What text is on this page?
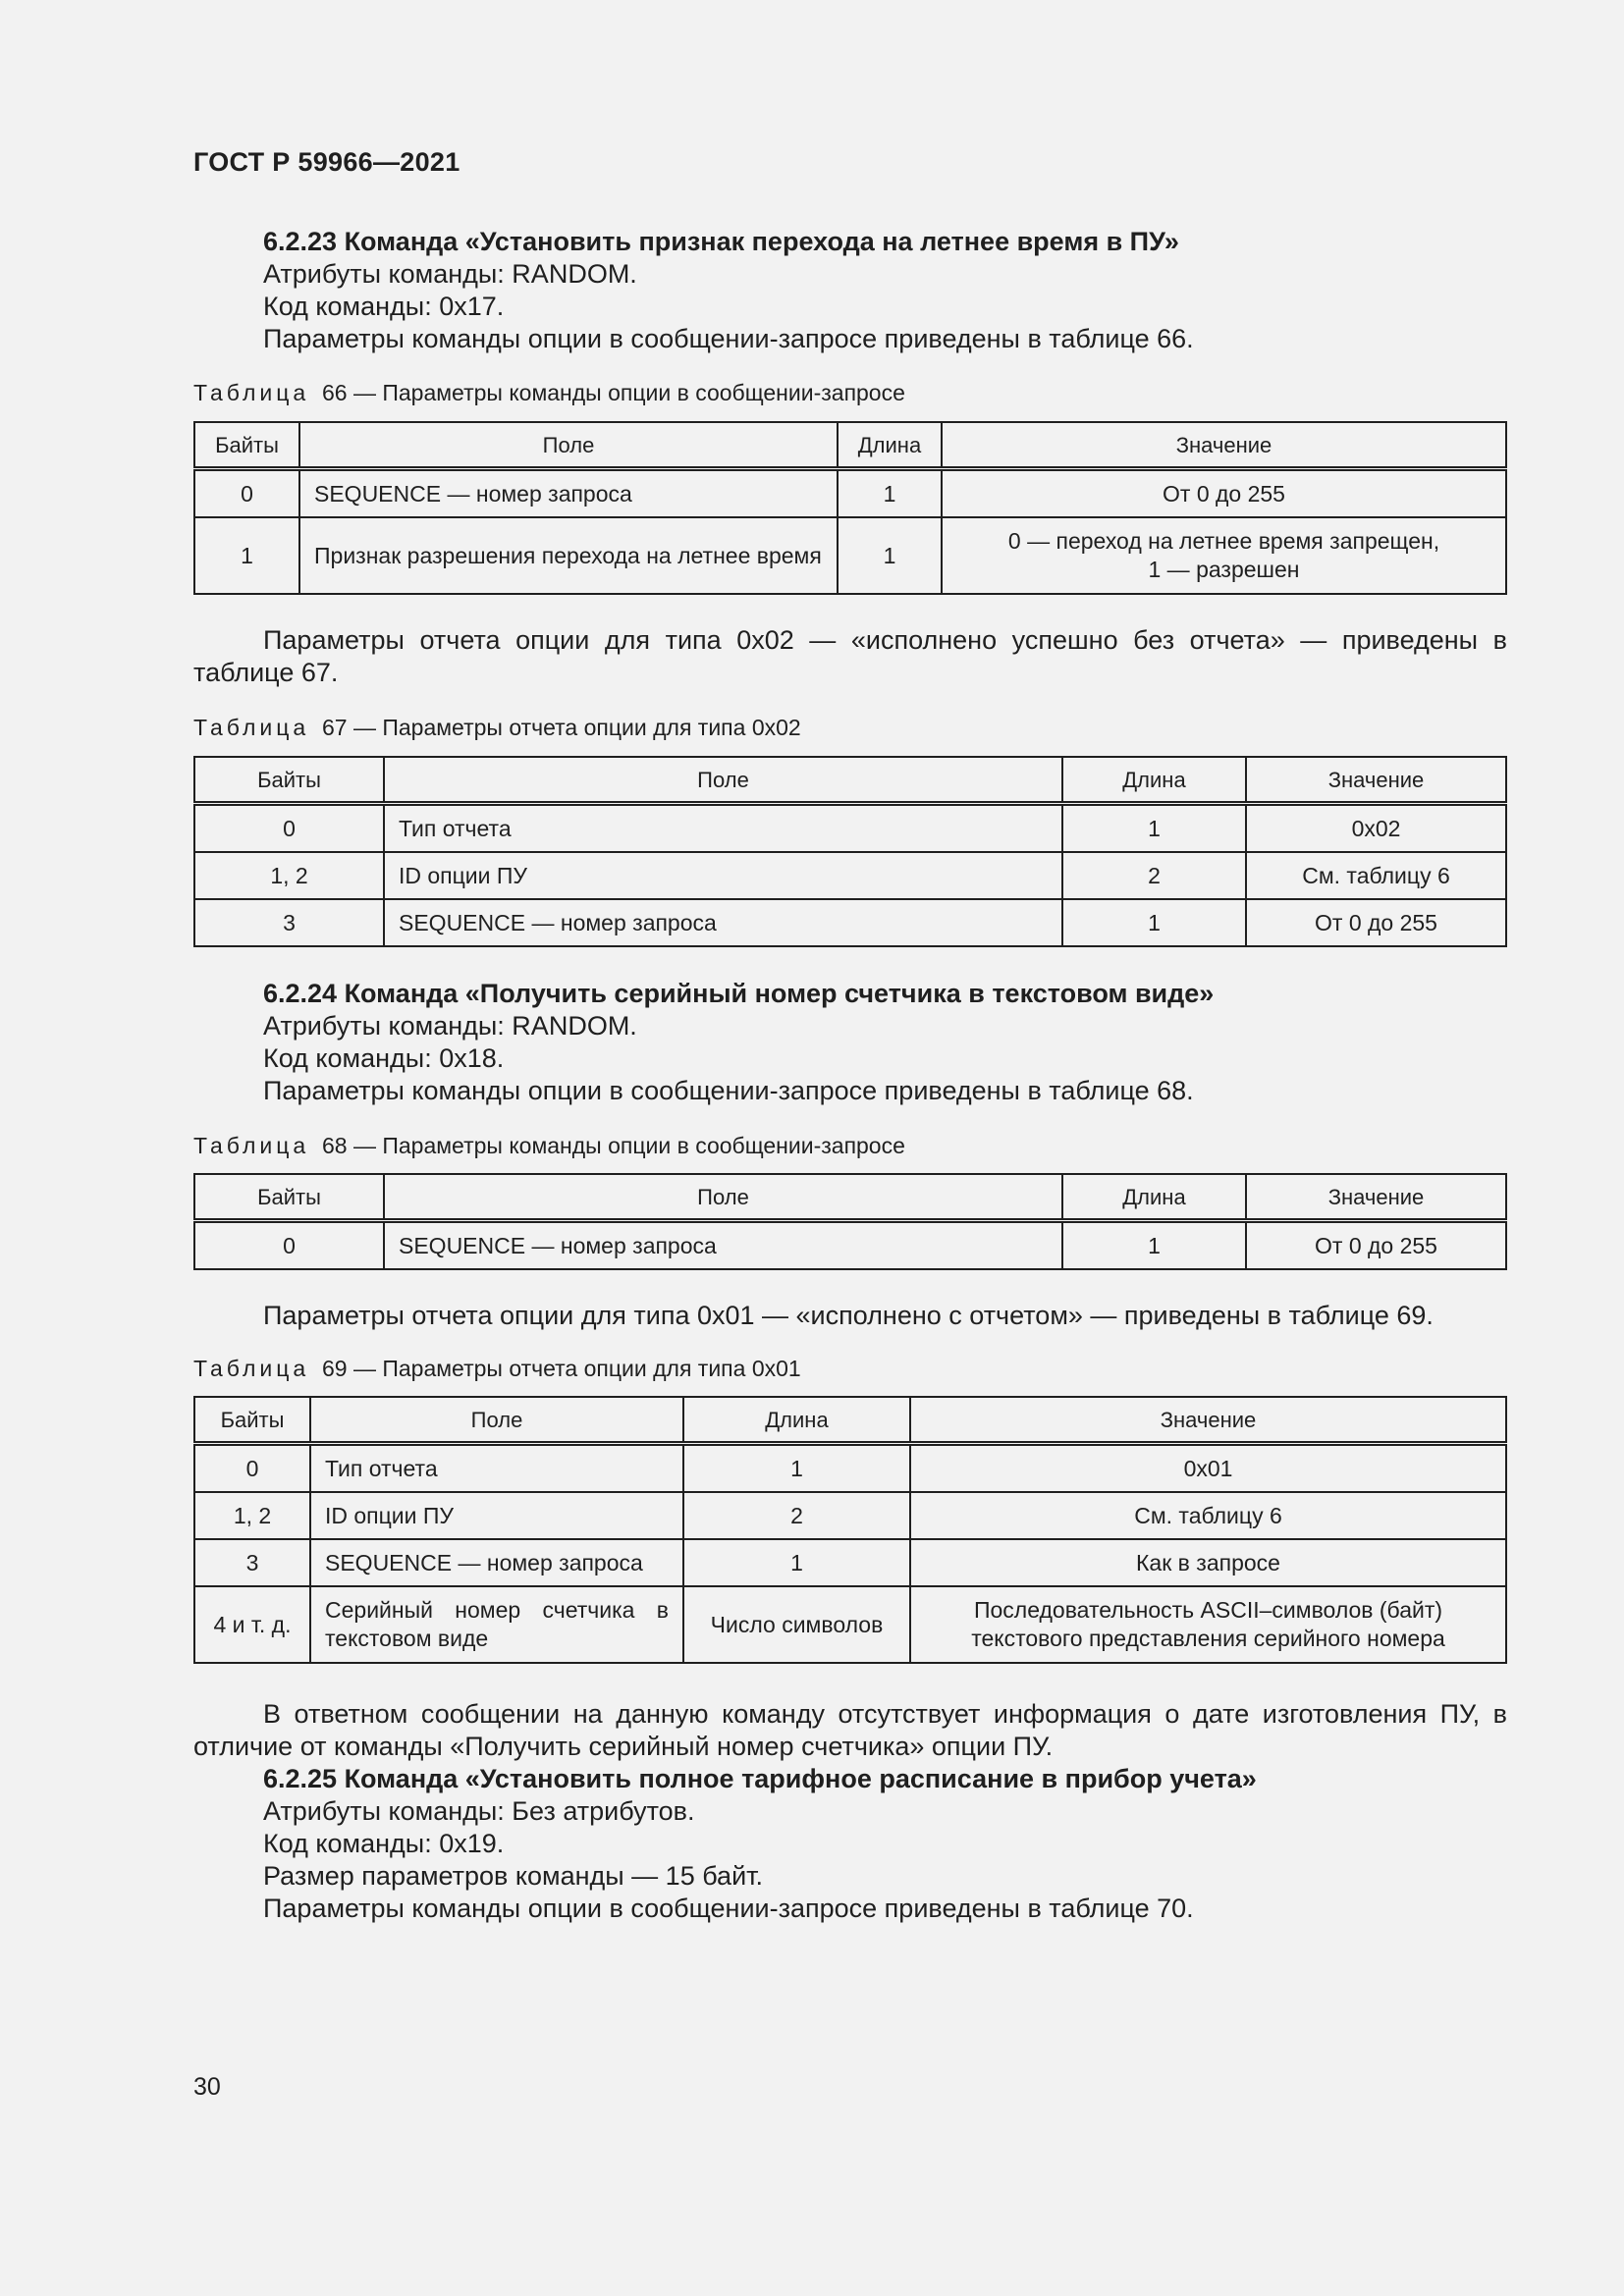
ГОСТ Р 59966—2021

6.2.23 Команда «Установить признак перехода на летнее время в ПУ»

Атрибуты команды: RANDOM.

Код команды: 0x17.

Параметры команды опции в сообщении-запросе приведены в таблице 66.

Таблица 66 — Параметры команды опции в сообщении-запросе

Байты	Поле	Длина	Значение
0	SEQUENCE — номер запроса	1	От 0 до 255
1	Признак разрешения перехода на летнее время	1	0 — переход на летнее время запрещен,
1 — разрешен

Параметры отчета опции для типа 0x02 — «исполнено успешно без отчета» — приведены в таблице 67.

Таблица 67 — Параметры отчета опции для типа 0x02

Байты	Поле	Длина	Значение
0	Тип отчета	1	0x02
1, 2	ID опции ПУ	2	См. таблицу 6
3	SEQUENCE — номер запроса	1	От 0 до 255

6.2.24 Команда «Получить серийный номер счетчика в текстовом виде»

Атрибуты команды: RANDOM.

Код команды: 0x18.

Параметры команды опции в сообщении-запросе приведены в таблице 68.

Таблица 68 — Параметры команды опции в сообщении-запросе

Байты	Поле	Длина	Значение
0	SEQUENCE — номер запроса	1	От 0 до 255

Параметры отчета опции для типа 0x01 — «исполнено с отчетом» — приведены в таблице 69.

Таблица 69 — Параметры отчета опции для типа 0x01

Байты	Поле	Длина	Значение
0	Тип отчета	1	0x01
1, 2	ID опции ПУ	2	См. таблицу 6
3	SEQUENCE — номер запроса	1	Как в запросе
4 и т. д.	Серийный номер счетчика в текстовом виде	Число символов	Последовательность ASCII–символов (байт) текстового представления серийного номера

В ответном сообщении на данную команду отсутствует информация о дате изготовления ПУ, в отличие от команды «Получить серийный номер счетчика» опции ПУ.

6.2.25 Команда «Установить полное тарифное расписание в прибор учета»

Атрибуты команды: Без атрибутов.

Код команды: 0x19.

Размер параметров команды — 15 байт.

Параметры команды опции в сообщении-запросе приведены в таблице 70.

30
